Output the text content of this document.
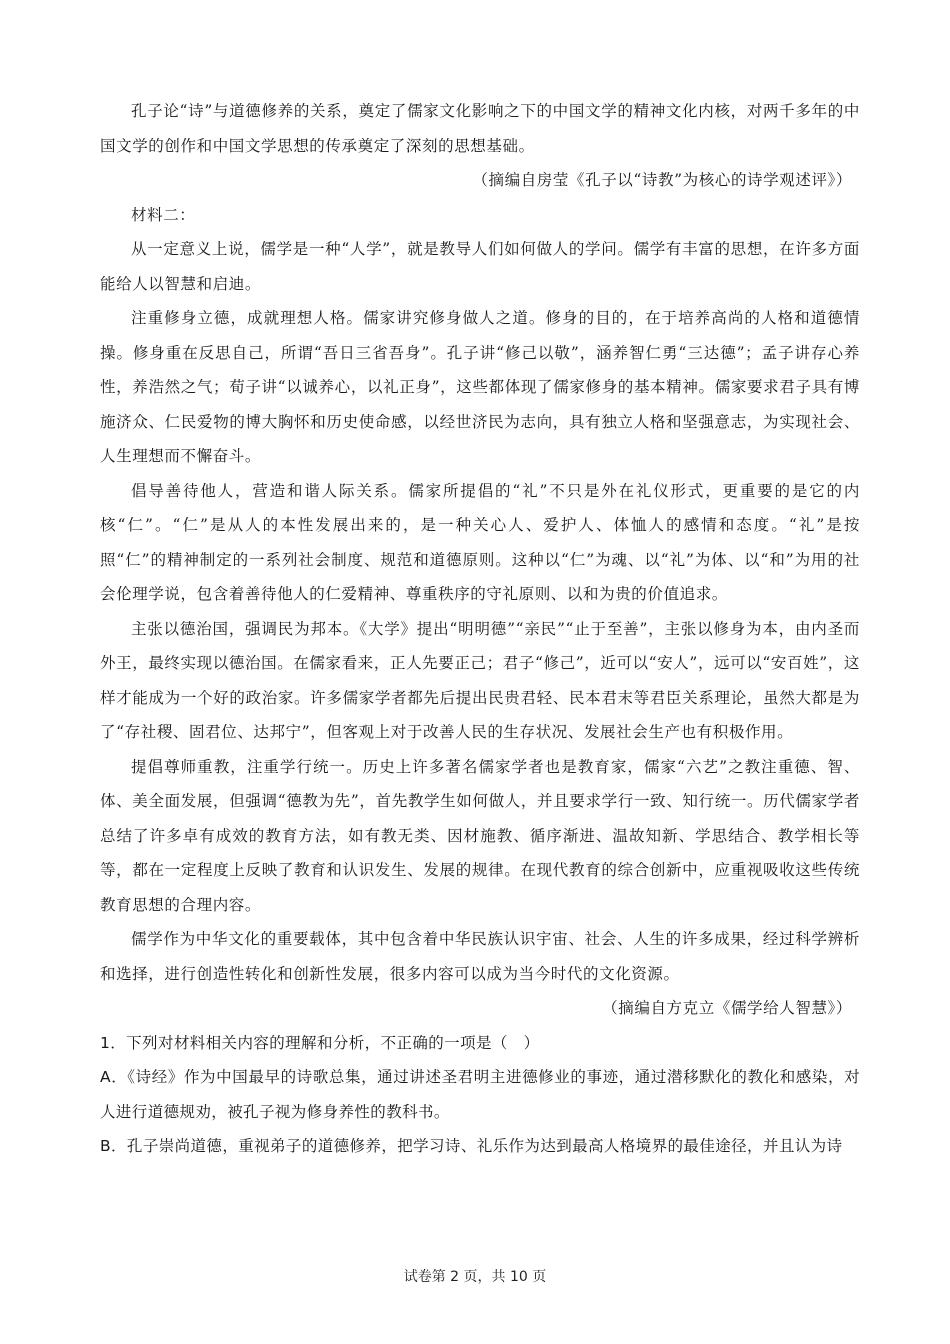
孔子论“诗”与道德修养的关系，奠定了儒家文化影响之下的中国文学的精神文化内核，对两千多年的中国文学的创作和中国文学思想的传承奠定了深刻的思想基础。

（摘编自房莹《孔子以“诗教”为核心的诗学观述评》）

材料二：

从一定意义上说，儒学是一种“人学”，就是教导人们如何做人的学问。儒学有丰富的思想，在许多方面能给人以智慧和启迪。

注重修身立德，成就理想人格。儒家讲究修身做人之道。修身的目的，在于培养高尚的人格和道德情操。修身重在反思自己，所谓“吾日三省吾身”。孔子讲“修己以敬”，涵养智仁勇“三达德”；孟子讲存心养性，养浩然之气；荀子讲“以诚养心，以礼正身”，这些都体现了儒家修身的基本精神。儒家要求君子具有博施济众、仁民爱物的博大胸怀和历史使命感，以经世济民为志向，具有独立人格和坚强意志，为实现社会、人生理想而不懈奋斗。

倡导善待他人，营造和谐人际关系。儒家所提倡的“礼”不只是外在礼仪形式，更重要的是它的内核“仁”。“仁”是从人的本性发展出来的，是一种关心人、爱护人、体恤人的感情和态度。“礼”是按照“仁”的精神制定的一系列社会制度、规范和道德原则。这种以“仁”为魂、以“礼”为体、以“和”为用的社会伦理学说，包含着善待他人的仁爱精神、尊重秩序的守礼原则、以和为贵的价值追求。

主张以德治国，强调民为邦本。《大学》提出“明明德”“亲民”“止于至善”，主张以修身为本，由内圣而外王，最终实现以德治国。在儒家看来，正人先要正己；君子“修己”，近可以“安人”，远可以“安百姓”，这样才能成为一个好的政治家。许多儒家学者都先后提出民贵君轻、民本君末等君臣关系理论，虽然大都是为了“存社稷、固君位、达邦宁”，但客观上对于改善人民的生存状况、发展社会生产也有积极作用。

提倡尊师重教，注重学行统一。历史上许多著名儒家学者也是教育家，儒家“六艺”之教注重德、智、体、美全面发展，但强调“德教为先”，首先教学生如何做人，并且要求学行一致、知行统一。历代儒家学者总结了许多卓有成效的教育方法，如有教无类、因材施教、循序渐进、温故知新、学思结合、教学相长等等，都在一定程度上反映了教育和认识发生、发展的规律。在现代教育的综合创新中，应重视吸收这些传统教育思想的合理内容。

儒学作为中华文化的重要载体，其中包含着中华民族认识宇宙、社会、人生的许多成果，经过科学辨析和选择，进行创造性转化和创新性发展，很多内容可以成为当今时代的文化资源。

（摘编自方克立《儒学给人智慧》）

1．下列对材料相关内容的理解和分析，不正确的一项是（　）

A．《诗经》作为中国最早的诗歌总集，通过讲述圣君明主进德修业的事迹，通过潜移默化的教化和感染，对人进行道德规劝，被孔子视为修身养性的教科书。

B．孔子崇尚道德，重视弟子的道德修养，把学习诗、礼乐作为达到最高人格境界的最佳途径，并且认为诗

试卷第 2 页，共 10 页
